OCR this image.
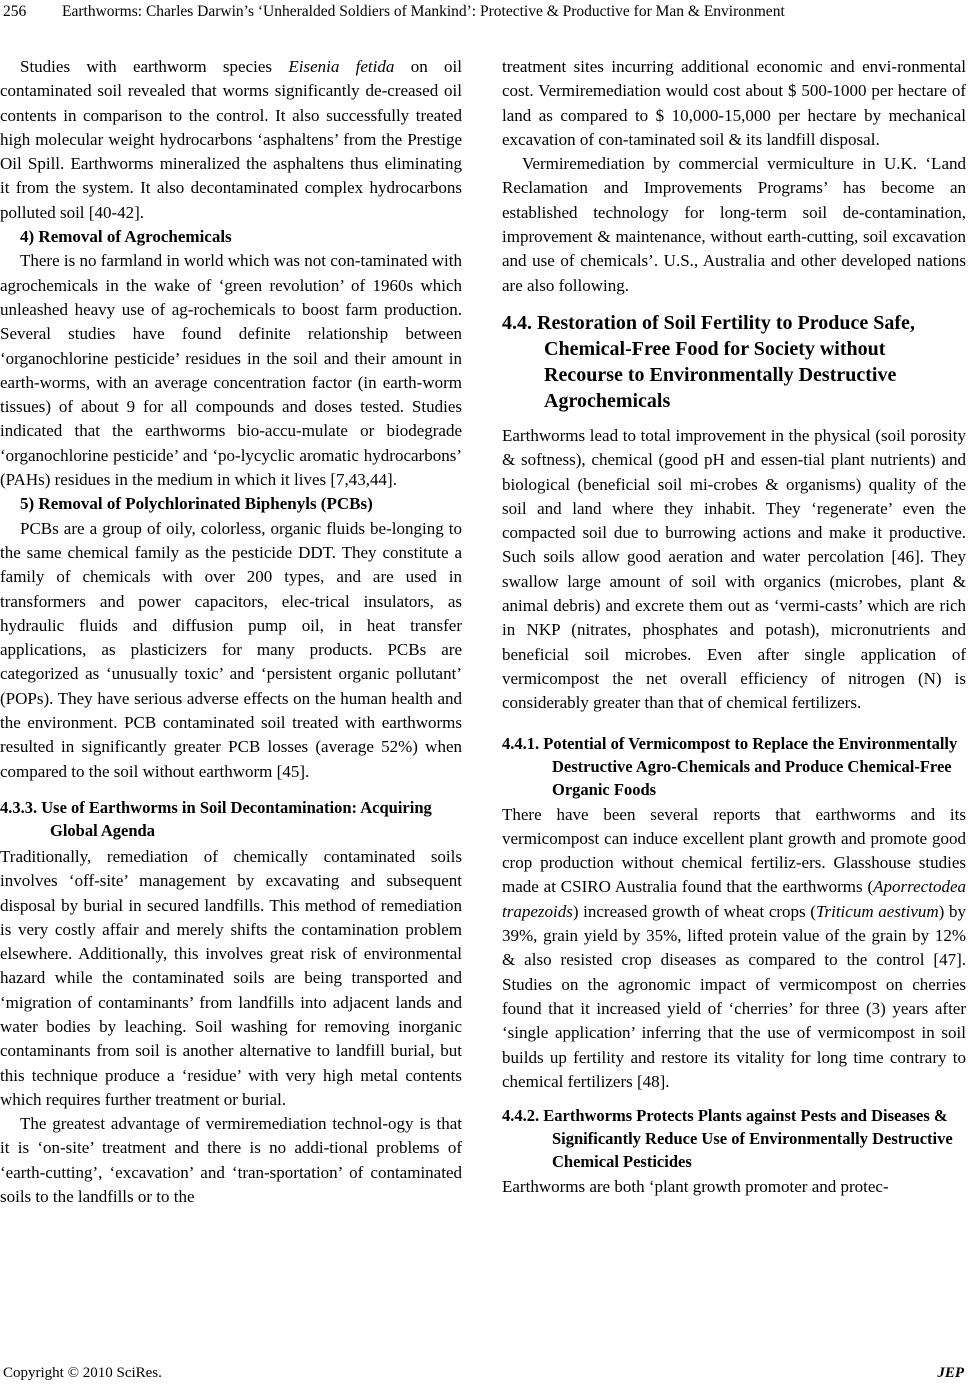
256 Earthworms: Charles Darwin’s ‘Unheralded Soldiers of Mankind’: Protective & Productive for Man & Environment

Studies with earthworm species Eisenia fetida on oil contaminated soil revealed that worms significantly de-creased oil contents in comparison to the control. It also successfully treated high molecular weight hydrocarbons ‘asphaltens’ from the Prestige Oil Spill. Earthworms mineralized the asphaltens thus eliminating it from the system. It also decontaminated complex hydrocarbons polluted soil [40-42].

4) Removal of Agrochemicals

There is no farmland in world which was not con-taminated with agrochemicals in the wake of ‘green revolution’ of 1960s which unleashed heavy use of ag-rochemicals to boost farm production. Several studies have found definite relationship between ‘organochlorine pesticide’ residues in the soil and their amount in earth-worms, with an average concentration factor (in earth-worm tissues) of about 9 for all compounds and doses tested. Studies indicated that the earthworms bio-accu-mulate or biodegrade ‘organochlorine pesticide’ and ‘po-lycyclic aromatic hydrocarbons’ (PAHs) residues in the medium in which it lives [7,43,44].

5) Removal of Polychlorinated Biphenyls (PCBs)

PCBs are a group of oily, colorless, organic fluids be-longing to the same chemical family as the pesticide DDT. They constitute a family of chemicals with over 200 types, and are used in transformers and power capacitors, elec-trical insulators, as hydraulic fluids and diffusion pump oil, in heat transfer applications, as plasticizers for many products. PCBs are categorized as ‘unusually toxic’ and ‘persistent organic pollutant’ (POPs). They have serious adverse effects on the human health and the environment. PCB contaminated soil treated with earthworms resulted in significantly greater PCB losses (average 52%) when compared to the soil without earthworm [45].

4.3.3. Use of Earthworms in Soil Decontamination: Acquiring Global Agenda

Traditionally, remediation of chemically contaminated soils involves ‘off-site’ management by excavating and subsequent disposal by burial in secured landfills. This method of remediation is very costly affair and merely shifts the contamination problem elsewhere. Additionally, this involves great risk of environmental hazard while the contaminated soils are being transported and ‘migration of contaminants’ from landfills into adjacent lands and water bodies by leaching. Soil washing for removing inorganic contaminants from soil is another alternative to landfill burial, but this technique produce a ‘residue’ with very high metal contents which requires further treatment or burial.

The greatest advantage of vermiremediation technol-ogy is that it is ‘on-site’ treatment and there is no addi-tional problems of ‘earth-cutting’, ‘excavation’ and ‘tran-sportation’ of contaminated soils to the landfills or to the

treatment sites incurring additional economic and envi-ronmental cost. Vermiremediation would cost about $ 500-1000 per hectare of land as compared to $ 10,000-15,000 per hectare by mechanical excavation of con-taminated soil & its landfill disposal.

Vermiremediation by commercial vermiculture in U.K. ‘Land Reclamation and Improvements Programs’ has become an established technology for long-term soil de-contamination, improvement & maintenance, without earth-cutting, soil excavation and use of chemicals’. U.S., Australia and other developed nations are also following.

4.4. Restoration of Soil Fertility to Produce Safe, Chemical-Free Food for Society without Recourse to Environmentally Destructive Agrochemicals

Earthworms lead to total improvement in the physical (soil porosity & softness), chemical (good pH and essen-tial plant nutrients) and biological (beneficial soil mi-crobes & organisms) quality of the soil and land where they inhabit. They ‘regenerate’ even the compacted soil due to burrowing actions and make it productive. Such soils allow good aeration and water percolation [46]. They swallow large amount of soil with organics (microbes, plant & animal debris) and excrete them out as ‘vermi-casts’ which are rich in NKP (nitrates, phosphates and potash), micronutrients and beneficial soil microbes. Even after single application of vermicompost the net overall efficiency of nitrogen (N) is considerably greater than that of chemical fertilizers.

4.4.1. Potential of Vermicompost to Replace the Environmentally Destructive Agro-Chemicals and Produce Chemical-Free Organic Foods

There have been several reports that earthworms and its vermicompost can induce excellent plant growth and promote good crop production without chemical fertiliz-ers. Glasshouse studies made at CSIRO Australia found that the earthworms (Aporrectodea trapezoids) increased growth of wheat crops (Triticum aestivum) by 39%, grain yield by 35%, lifted protein value of the grain by 12% & also resisted crop diseases as compared to the control [47]. Studies on the agronomic impact of vermicompost on cherries found that it increased yield of ‘cherries’ for three (3) years after ‘single application’ inferring that the use of vermicompost in soil builds up fertility and restore its vitality for long time contrary to chemical fertilizers [48].

4.4.2. Earthworms Protects Plants against Pests and Diseases & Significantly Reduce Use of Environmentally Destructive Chemical Pesticides

Earthworms are both ‘plant growth promoter and protec-

Copyright © 2010 SciRes.	JEP
